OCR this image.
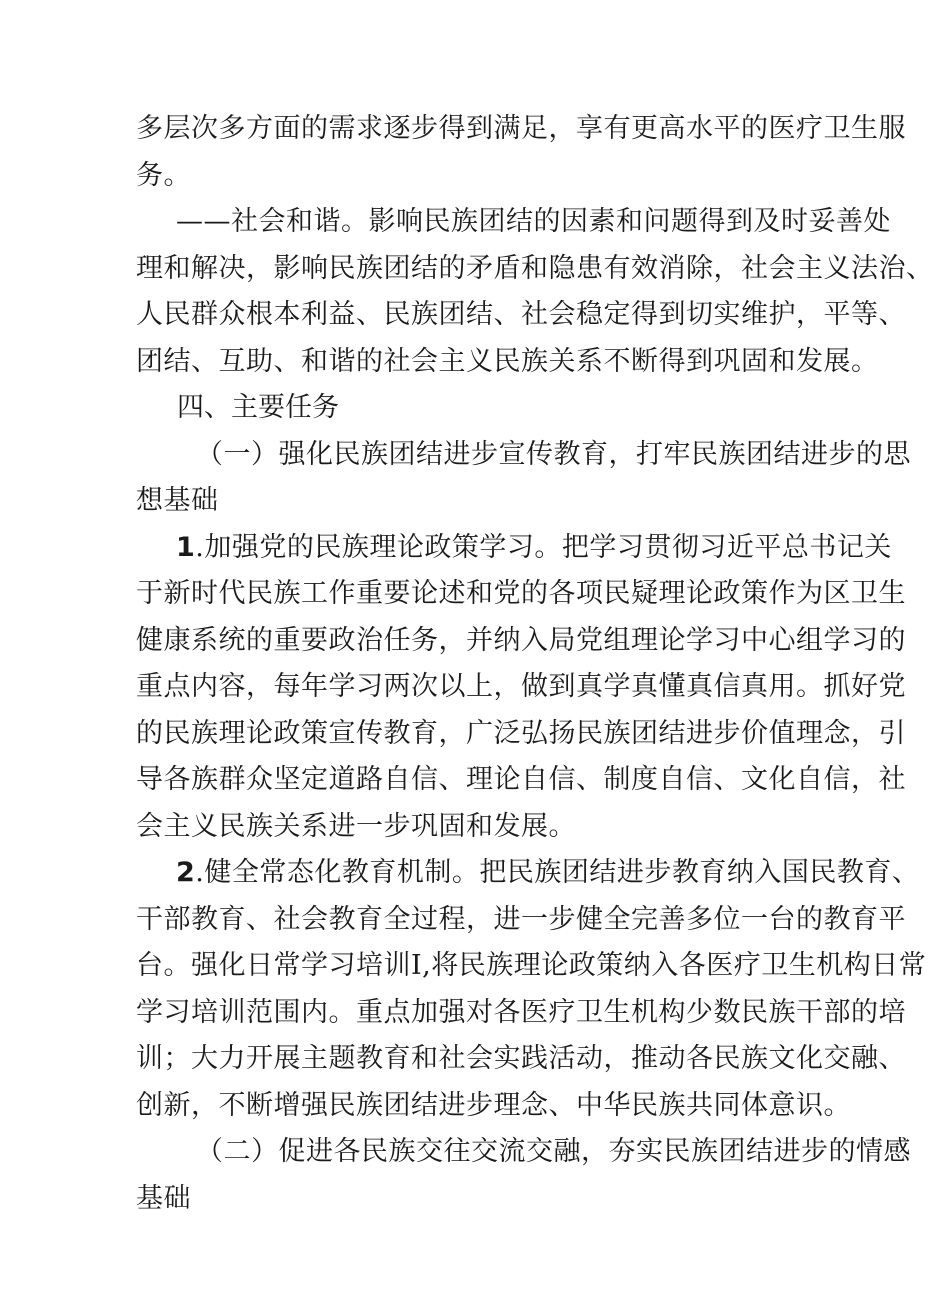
多层次多方面的需求逐步得到满足，享有更高水平的医疗卫生服
务。
——社会和谐。影响民族团结的因素和问题得到及时妥善处
理和解决，影响民族团结的矛盾和隐患有效消除，社会主义法治、
人民群众根本利益、民族团结、社会稳定得到切实维护，平等、
团结、互助、和谐的社会主义民族关系不断得到巩固和发展。
四、主要任务
（一）强化民族团结进步宣传教育，打牢民族团结进步的思
想基础
1.加强党的民族理论政策学习。把学习贯彻习近平总书记关
于新时代民族工作重要论述和党的各项民疑理论政策作为区卫生
健康系统的重要政治任务，并纳入局党组理论学习中心组学习的
重点内容，每年学习两次以上，做到真学真懂真信真用。抓好党
的民族理论政策宣传教育，广泛弘扬民族团结进步价值理念，引
导各族群众坚定道路自信、理论自信、制度自信、文化自信，社
会主义民族关系进一步巩固和发展。
2.健全常态化教育机制。把民族团结进步教育纳入国民教育、
干部教育、社会教育全过程，进一步健全完善多位一台的教育平
台。强化日常学习培训I,将民族理论政策纳入各医疗卫生机构日常
学习培训范围内。重点加强对各医疗卫生机构少数民族干部的培
训；大力开展主题教育和社会实践活动，推动各民族文化交融、
创新，不断增强民族团结进步理念、中华民族共同体意识。
（二）促进各民族交往交流交融，夯实民族团结进步的情感
基础
